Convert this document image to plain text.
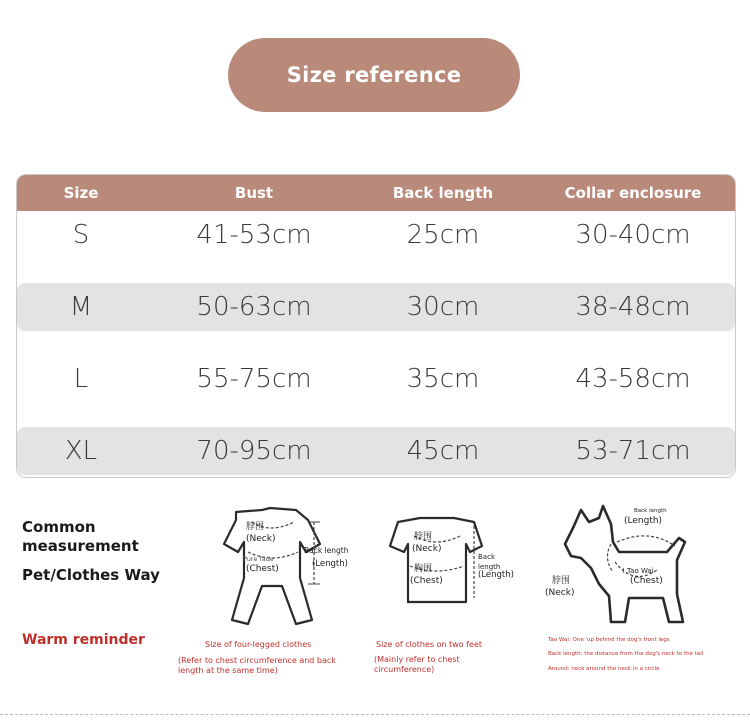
Size reference
Size	Bust	Back length	Collar enclosure
S	41-53cm	25cm	30-40cm
M	50-63cm	30cm	38-48cm
L	55-75cm	35cm	43-58cm
XL	70-95cm	45cm	53-71cm
Common measurement
Pet/Clothes Way
Warm reminder
脖围
(Neck)
Pure fade
(Chest)
Back length
(Length)
Size of four-legged clothes
(Refer to chest circumference and back length at the same time)
脖围
(Neck)
胸围
(Chest)
Back length
(Length)
Size of clothes on two feet
(Mainly refer to chest circumference)
Back length
(Length)
! Tao Wai
(Chest)
脖围
(Neck)
Tao Wai: One 'up behind the dog's front legs
Back length: the distance from the dog's neck to the tail
Around: neck around the neck in a circle
